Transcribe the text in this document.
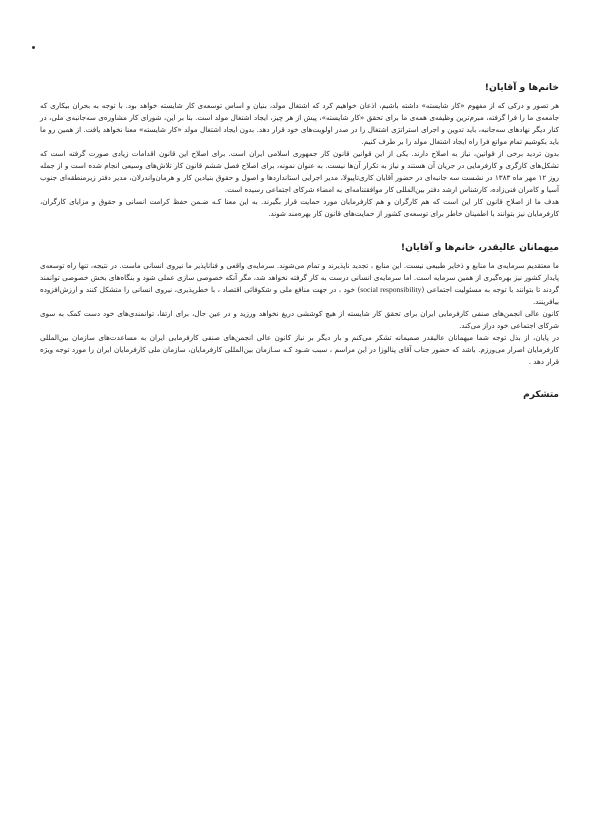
خانم‌ها و آقایان!

هر تصور و درکی که از مفهوم «کار شایسته» داشته باشیم، اذعان خواهیم کرد که اشتغال مولد، بنیان و اساس توسعه‌ی کار شایسته خواهد بود. با توجه به بحران بیکاری که جامعه‌ی ما را فرا گرفته، مبرم‌ترین وظیفه‌ی همه‌ی ما برای تحقق «کار شایسته»، پیش از هر چیز، ایجاد اشتغال مولد است. بنا بر این، شورای کار مشاوره‌ی سه‌جانبه‌ی ملی، در کنار دیگر نهادهای سه‌جانبه، باید تدوین و اجرای استراتژی اشتغال را در صدر اولویت‌های خود قرار دهد. بدون ایجاد اشتغال مولد «کار شایسته» معنا نخواهد یافت. از همین رو ما باید بکوشیم تمام موانع فرا راه ایجاد اشتغال مولد را بر طرف کنیم.

بدون تردید برخی از قوانین، نیاز به اصلاح دارند. یکی از این قوانین قانون کار جمهوری اسلامی ایران است. برای اصلاح این قانون اقدامات زیادی صورت گرفته است که تشکل‌های کارگری و کارفرمایی در جریان آن هستند و نیاز به تکرار آن‌ها نیست. به عنوان نمونه، برای اصلاح فصل ششم قانون کار تلاش‌های وسیعی انجام شده است و از جمله روز ۱۲ مهر ماه ۱۳۸۳ در نشست سه جانبه‌ای در حضور آقایان کاری‌تاپیولا، مدیر اجرایی استانداردها و اصول و حقوق بنیادین کار و هرمان‌واندرلان، مدیر دفتر زیرمنطقه‌ای جنوب آسیا و کامران فنی‌زاده، کارشناس ارشد دفتر بین‌المللی کار موافقتنامه‌ای به امضاء شرکای اجتماعی رسیده است.

هدف ما از اصلاح قانون کار این است که هم کارگران و هم کارفرمایان مورد حمایت قرار بگیرند. به این معنا کـه ضـمن حفظ کرامت انسانی و حقوق و مزایای کارگران، کارفرمایان نیز بتوانند با اطمینان خاطر برای توسعه‌ی کشور از حمایت‌های قانون کار بهره‌مند شوند.

میهمانان عالیقدر، خانم‌ها و آقایان!

ما معتقدیم سرمایه‌ی ما منابع و ذخایر طبیعی نیست. این منابع ، تجدید ناپذیرند و تمام می‌شوند. سرمایه‌ی واقعی و فناناپذیر ما نیروی انسانی ماست. در نتیجه، تنها راه توسعه‌ی پایدار کشور نیز بهره‌گیری از همین سرمایه است. اما سرمایه‌ی انسانی درست به کار گرفته نخواهد شد، مگر آنکه خصوصی سازی عملی شود و بنگاه‌های بخش خصوصی توانمند گردند تا بتوانند با توجه به مسئولیت اجتماعی (social responsibility) خود ، در جهت منافع ملی و شکوفائی اقتصاد ، با خطرپذیری، نیروی انسانی را متشکل کنند و ارزش‌افزوده بیافرینند.

کانون عالی انجمن‌های صنفی کارفرمایی ایران برای تحقق کار شایسته از هیچ کوششی دریغ نخواهد ورزید و در عین حال، برای ارتقا، توانمندی‌های خود دست کمک به سوی شرکای اجتماعی خود دراز می‌کند.

در پایان، از بذل توجه شما میهمانان عالیقدر صمیمانه تشکر می‌کنم و بار دیگر بر نیاز کانون عالی انجمن‌های صنفی کارفرمایی ایران به مساعدت‌های سازمان بین‌المللی کارفرمایان اصرار می‌ورزم. باشد که حضور جناب آقای پنالوزا در این مراسم ، سبب شـود کـه سـازمان بین‌المللی کارفرمایان، سازمان ملی کارفرمایان ایران را مورد توجه ویژه قرار دهد .

متشکرم
